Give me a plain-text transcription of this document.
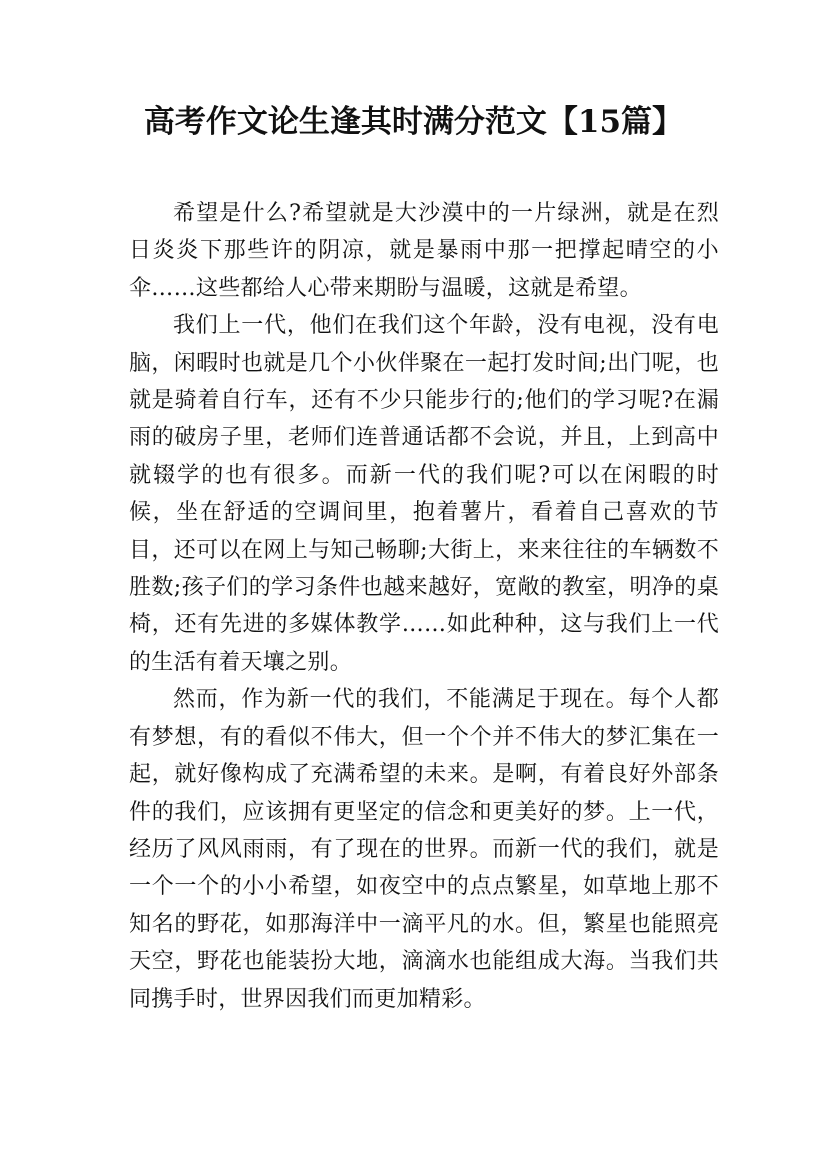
高考作文论生逢其时满分范文【15篇】

希望是什么?希望就是大沙漠中的一片绿洲，就是在烈日炎炎下那些许的阴凉，就是暴雨中那一把撑起晴空的小伞……这些都给人心带来期盼与温暖，这就是希望。

我们上一代，他们在我们这个年龄，没有电视，没有电脑，闲暇时也就是几个小伙伴聚在一起打发时间;出门呢，也就是骑着自行车，还有不少只能步行的;他们的学习呢?在漏雨的破房子里，老师们连普通话都不会说，并且，上到高中就辍学的也有很多。而新一代的我们呢?可以在闲暇的时候，坐在舒适的空调间里，抱着薯片，看着自己喜欢的节目，还可以在网上与知己畅聊;大街上，来来往往的车辆数不胜数;孩子们的学习条件也越来越好，宽敞的教室，明净的桌椅，还有先进的多媒体教学……如此种种，这与我们上一代的生活有着天壤之别。

然而，作为新一代的我们，不能满足于现在。每个人都有梦想，有的看似不伟大，但一个个并不伟大的梦汇集在一起，就好像构成了充满希望的未来。是啊，有着良好外部条件的我们，应该拥有更坚定的信念和更美好的梦。上一代，经历了风风雨雨，有了现在的世界。而新一代的我们，就是一个一个的小小希望，如夜空中的点点繁星，如草地上那不知名的野花，如那海洋中一滴平凡的水。但，繁星也能照亮天空，野花也能装扮大地，滴滴水也能组成大海。当我们共同携手时，世界因我们而更加精彩。
